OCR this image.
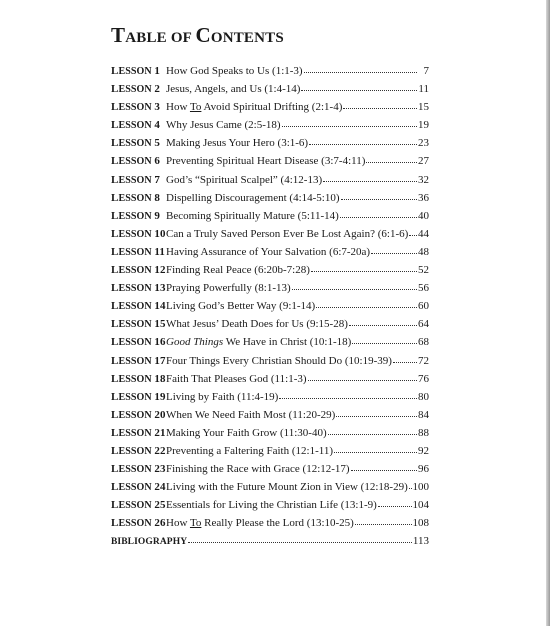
TABLE OF CONTENTS
LESSON 1 How God Speaks to Us (1:1-3)	7
LESSON 2 Jesus, Angels, and Us (1:4-14)	11
LESSON 3 How To Avoid Spiritual Drifting (2:1-4)	15
LESSON 4 Why Jesus Came (2:5-18)	19
LESSON 5 Making Jesus Your Hero (3:1-6)	23
LESSON 6 Preventing Spiritual Heart Disease (3:7-4:11)	27
LESSON 7 God’s “Spiritual Scalpel” (4:12-13)	32
LESSON 8 Dispelling Discouragement (4:14-5:10)	36
LESSON 9 Becoming Spiritually Mature (5:11-14)	40
LESSON 10 Can a Truly Saved Person Ever Be Lost Again? (6:1-6) 44
LESSON 11 Having Assurance of Your Salvation (6:7-20a)	48
LESSON 12 Finding Real Peace (6:20b-7:28)	52
LESSON 13 Praying Powerfully (8:1-13)	56
LESSON 14 Living God’s Better Way (9:1-14)	60
LESSON 15 What Jesus’ Death Does for Us (9:15-28)	64
LESSON 16 Good Things We Have in Christ (10:1-18)	68
LESSON 17 Four Things Every Christian Should Do (10:19-39) 72
LESSON 18 Faith That Pleases God (11:1-3)	76
LESSON 19 Living by Faith (11:4-19)	80
LESSON 20 When We Need Faith Most (11:20-29)	84
LESSON 21 Making Your Faith Grow (11:30-40)	88
LESSON 22 Preventing a Faltering Faith (12:1-11)	92
LESSON 23 Finishing the Race with Grace (12:12-17)	96
LESSON 24 Living with the Future Mount Zion in View (12:18-29) 100
LESSON 25 Essentials for Living the Christian Life (13:1-9)	104
LESSON 26 How To Really Please the Lord (13:10-25)	108
BIBLIOGRAPHY	113
